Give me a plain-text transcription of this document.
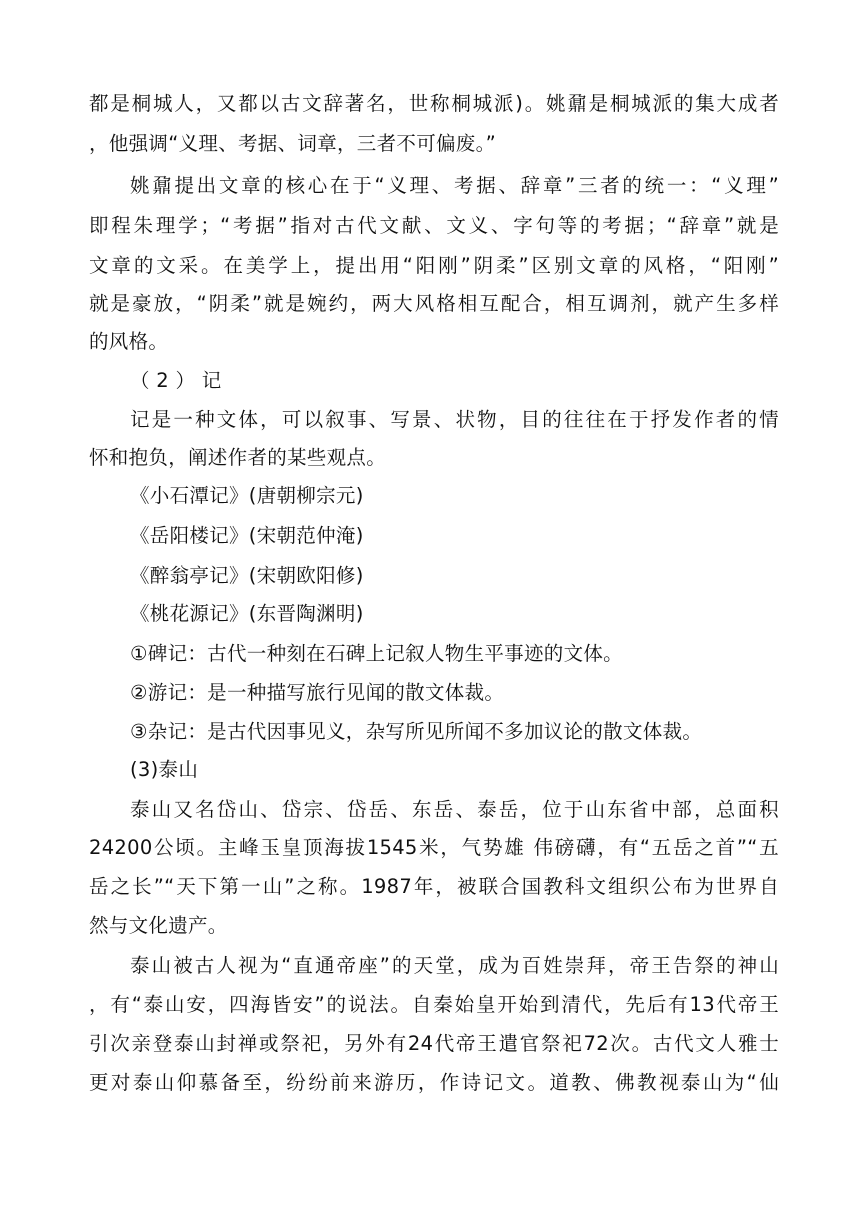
都是桐城人，又都以古文辞著名，世称桐城派)。姚鼐是桐城派的集大成者
，他强调“义理、考据、词章，三者不可偏废。”
姚鼐提出文章的核心在于“义理、考据、辞章”三者的统一：“义理”
即程朱理学；“考据”指对古代文献、文义、字句等的考据；“辞章”就是
文章的文采。在美学上，提出用“阳刚”阴柔”区别文章的风格，“阳刚”
就是豪放，“阴柔”就是婉约，两大风格相互配合，相互调剂，就产生多样
的风格。
（ 2 ） 记
记是一种文体，可以叙事、写景、状物，目的往往在于抒发作者的情
怀和抱负，阐述作者的某些观点。
《小石潭记》(唐朝柳宗元)
《岳阳楼记》(宋朝范仲淹)
《醉翁亭记》(宋朝欧阳修)
《桃花源记》(东晋陶渊明)
①碑记：古代一种刻在石碑上记叙人物生平事迹的文体。
②游记：是一种描写旅行见闻的散文体裁。
③杂记：是古代因事见义，杂写所见所闻不多加议论的散文体裁。
(3)泰山
泰山又名岱山、岱宗、岱岳、东岳、泰岳，位于山东省中部，总面积
24200公顷。主峰玉皇顶海拔1545米，气势雄 伟磅礴，有“五岳之首”“五
岳之长”“天下第一山”之称。1987年，被联合国教科文组织公布为世界自
然与文化遗产。
泰山被古人视为“直通帝座”的天堂，成为百姓崇拜，帝王告祭的神山
，有“泰山安，四海皆安”的说法。自秦始皇开始到清代，先后有13代帝王
引次亲登泰山封禅或祭祀，另外有24代帝王遣官祭祀72次。古代文人雅士
更对泰山仰慕备至，纷纷前来游历，作诗记文。道教、佛教视泰山为“仙
